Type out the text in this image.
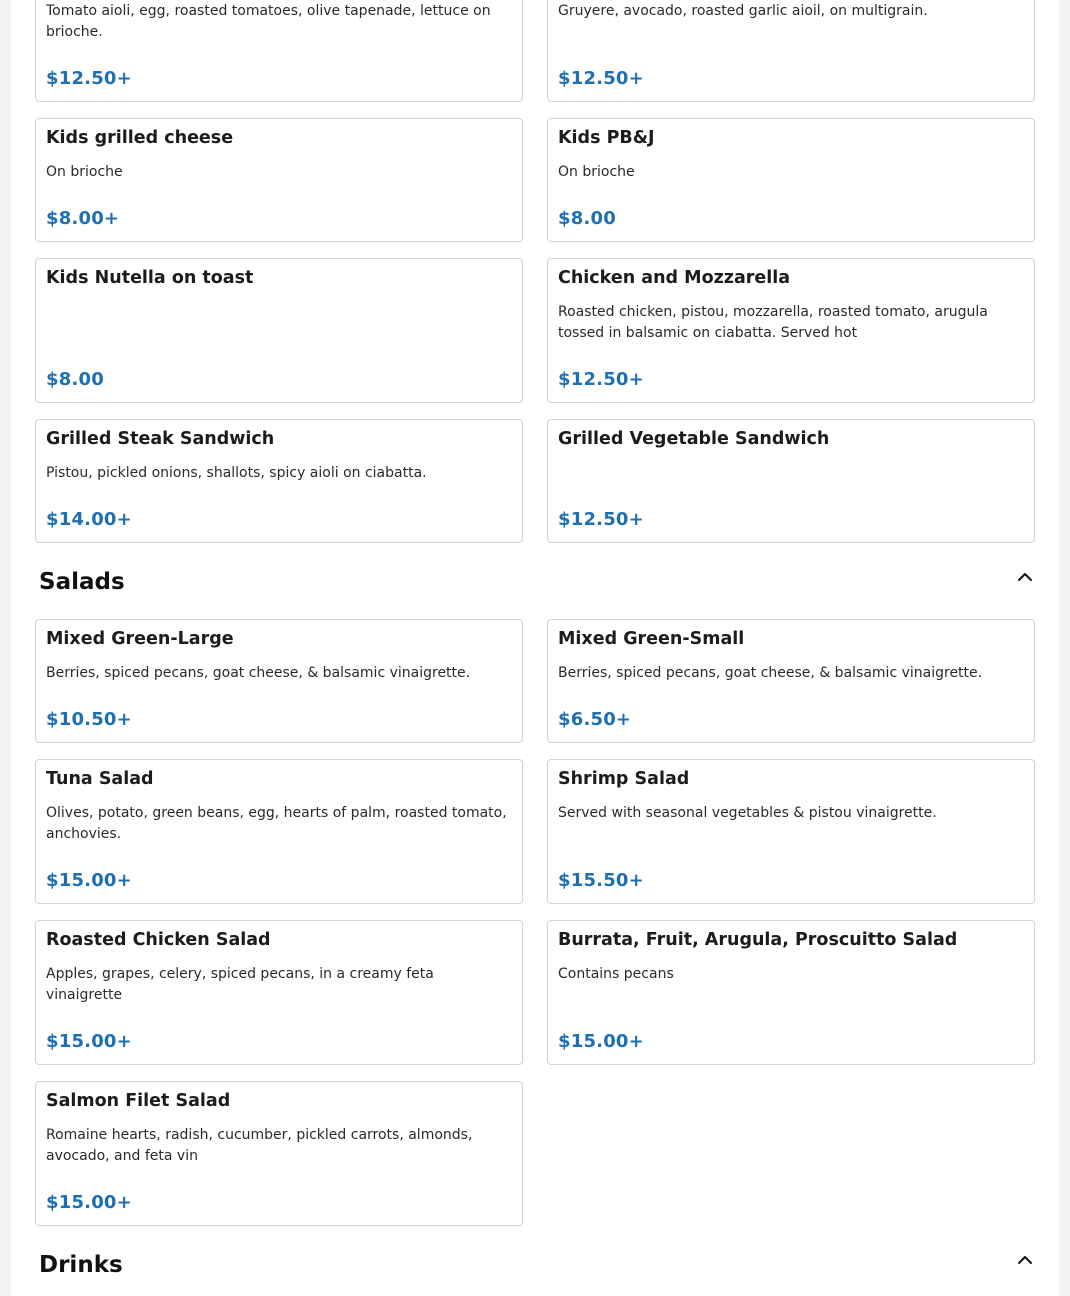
Tomato aioli, egg, roasted tomatoes, olive tapenade, lettuce on brioche.
$12.50+
Gruyere, avocado, roasted garlic aioil, on multigrain.
$12.50+
Kids grilled cheese
On brioche
$8.00+
Kids PB&J
On brioche
$8.00
Kids Nutella on toast
$8.00
Chicken and Mozzarella
Roasted chicken, pistou, mozzarella, roasted tomato, arugula tossed in balsamic on ciabatta. Served hot
$12.50+
Grilled Steak Sandwich
Pistou, pickled onions, shallots, spicy aioli on ciabatta.
$14.00+
Grilled Vegetable Sandwich
$12.50+
Salads
Mixed Green-Large
Berries, spiced pecans, goat cheese, & balsamic vinaigrette.
$10.50+
Mixed Green-Small
Berries, spiced pecans, goat cheese, & balsamic vinaigrette.
$6.50+
Tuna Salad
Olives, potato, green beans, egg, hearts of palm, roasted tomato, anchovies.
$15.00+
Shrimp Salad
Served with seasonal vegetables & pistou vinaigrette.
$15.50+
Roasted Chicken Salad
Apples, grapes, celery, spiced pecans, in a creamy feta vinaigrette
$15.00+
Burrata, Fruit, Arugula, Proscuitto Salad
Contains pecans
$15.00+
Salmon Filet Salad
Romaine hearts, radish, cucumber, pickled carrots, almonds, avocado, and feta vin
$15.00+
Drinks
